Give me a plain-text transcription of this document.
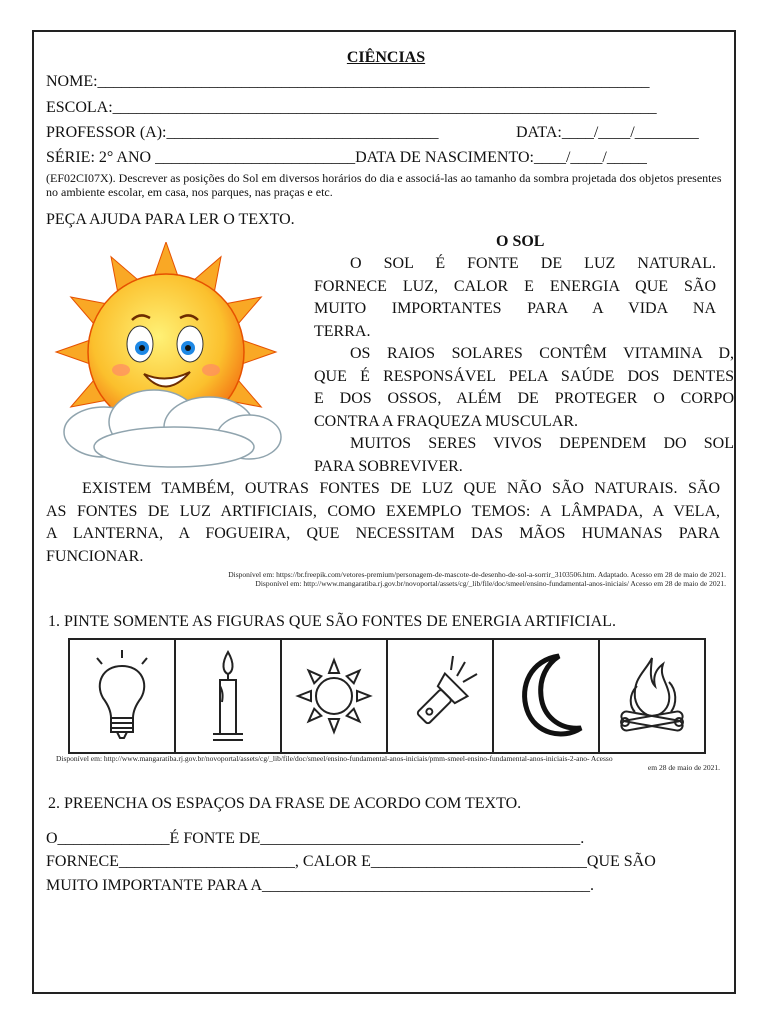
CIÊNCIAS
NOME:_____________________________________________________________________
ESCOLA:____________________________________________________________________
PROFESSOR (A):__________________________________	DATA:____/____/________
SÉRIE: 2° ANO _________________________DATA DE NASCIMENTO:____/____/_____
(EF02CI07X). Descrever as posições do Sol em diversos horários do dia e associá-las ao tamanho da sombra projetada dos objetos presentes no ambiente escolar, em casa, nos parques, nas praças e etc.
PEÇA AJUDA PARA LER O TEXTO.
O SOL
O SOL É FONTE DE LUZ NATURAL.
FORNECE LUZ, CALOR E ENERGIA QUE SÃO
MUITO IMPORTANTES PARA A VIDA NA
TERRA.
OS RAIOS SOLARES CONTÊM VITAMINA D,
QUE É RESPONSÁVEL PELA SAÚDE DOS DENTES
E DOS OSSOS, ALÉM DE PROTEGER O CORPO
CONTRA A FRAQUEZA MUSCULAR.
MUITOS SERES VIVOS DEPENDEM DO SOL
PARA SOBREVIVER.
EXISTEM TAMBÉM, OUTRAS FONTES DE LUZ QUE NÃO SÃO NATURAIS. SÃO
AS FONTES DE LUZ ARTIFICIAIS, COMO EXEMPLO TEMOS: A LÂMPADA, A VELA,
A LANTERNA, A FOGUEIRA, QUE NECESSITAM DAS MÃOS HUMANAS PARA
FUNCIONAR.
Disponível em: https://br.freepik.com/vetores-premium/personagem-de-mascote-de-desenho-de-sol-a-sorrir_3103506.htm. Adaptado. Acesso em 28 de maio de 2021.
Disponível em: http://www.mangaratiba.rj.gov.br/novoportal/assets/cg/_lib/file/doc/smeel/ensino-fundamental-anos-iniciais/ Acesso em 28 de maio de 2021.
1. PINTE SOMENTE AS FIGURAS QUE SÃO FONTES DE ENERGIA ARTIFICIAL.
Disponível em: http://www.mangaratiba.rj.gov.br/novoportal/assets/cg/_lib/file/doc/smeel/ensino-fundamental-anos-iniciais/pmm-smeel-ensino-fundamental-anos-iniciais-2-ano- Acesso
em 28 de maio de 2021.
2. PREENCHA OS ESPAÇOS DA FRASE DE ACORDO COM TEXTO.
O______________É FONTE DE________________________________________.
FORNECE______________________, CALOR E___________________________QUE SÃO
MUITO IMPORTANTE PARA A_________________________________________.
